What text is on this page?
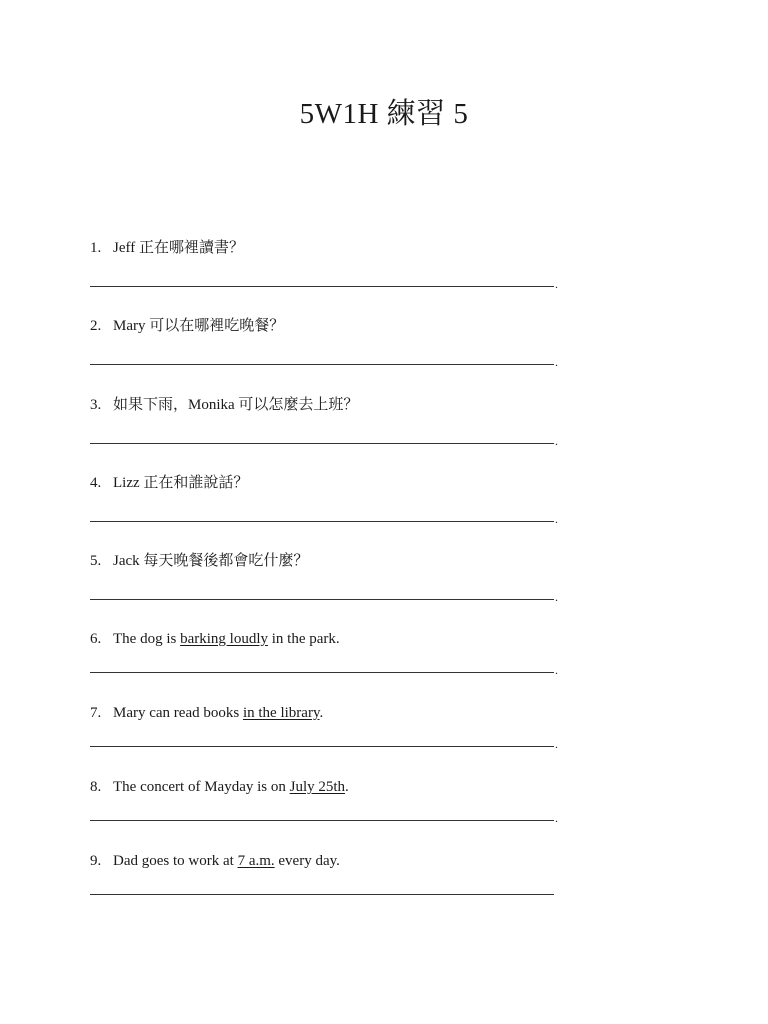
5W1H 練習 5
1. Jeff 正在哪裡讀書？
.
2. Mary 可以在哪裡吃晚餐？
.
3. 如果下雨，Monika 可以怎麼去上班？
.
4. Lizz 正在和誰說話？
.
5. Jack 每天晚餐後都會吃什麼？
.
6. The dog is barking loudly in the park.
.
7. Mary can read books in the library.
.
8. The concert of Mayday is on July 25th.
.
9. Dad goes to work at 7 a.m. every day.
